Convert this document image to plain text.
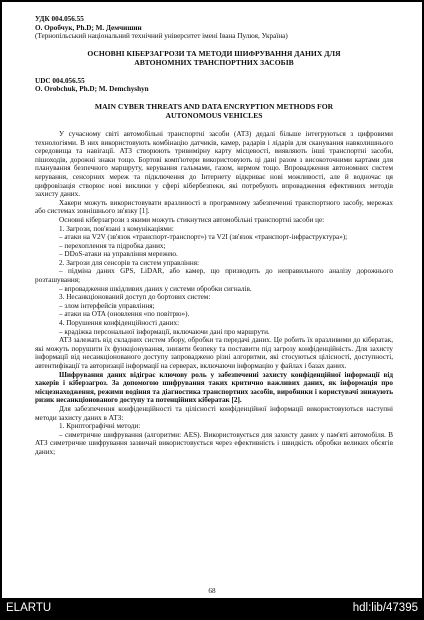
УДК 004.056.55

О. Оробчук, Ph.D; М. Демчишин

(Тернопільський національний технічний університет імені Івана Пулюя, Україна)

ОСНОВНІ КІБЕРЗАГРОЗИ ТА МЕТОДИ ШИФРУВАННЯ ДАНИХ ДЛЯ
АВТОНОМНИХ ТРАНСПОРТНИХ ЗАСОБІВ

UDC 004.056.55

O. Orobchuk, Ph.D; M. Demchyshyn

MAIN CYBER THREATS AND DATA ENCRYPTION METHODS FOR
AUTONOMOUS VEHICLES

У сучасному світі автомобільні транспортні засоби (АТЗ) дедалі більше інтегруються з цифровими технологіями. В них використовують комбінацію датчиків, камер, радарів і лідарів для сканування навколишнього середовища та навігації. АТЗ створюють тривимірну карту місцевості, виявляють інші транспортні засоби, пішоходів, дорожні знаки тощо. Бортові комп'ютери використовують ці дані разом з високоточними картами для планування безпечного маршруту, керування гальмами, газом, кермом тощо. Впровадження автономних систем керування, сенсорних мереж та підключення до Інтернету відкриває нові можливості, але й водночас ця цифровізація створює нові виклики у сфері кібербезпеки, які потребують впровадження ефективних методів захисту даних.

Хакери можуть використовувати вразливості в програмному забезпеченні транспортного засобу, мережах або системах зовнішнього зв'язку [1].

Основні кіберзагрози з якими можуть стикнутися автомобільні транспортні засоби це:

1. Загрози, пов'язані з комунікаціями:

– атаки на V2V (зв'язок «транспорт-транспорт») та V2I (зв'язок «транспорт-інфраструктура»);

– перехоплення та підробка даних;

– DDoS-атаки на управління мережею.

2. Загрози для сенсорів та систем управління:

– підміна даних GPS, LiDAR, або камер, що призводить до неправильного аналізу дорожнього розташування;

– впровадження шкідливих даних у системи обробки сигналів.

3. Несанкціонований доступ до бортових систем:

– злом інтерфейсів управління;

– атаки на OTA (оновлення «по повітрю»).

4. Порушення конфіденційності даних:

– крадіжка персональної інформації, включаючи дані про маршрути.

АТЗ залежать від складних систем збору, обробки та передачі даних. Це робить їх вразливими до кібератак, які можуть порушити їх функціонування, знизити безпеку та поставити під загрозу конфіденційність. Для захисту інформації від несанкціонованого доступу запроваджено різні алгоритми, які стосуються цілісності, доступності, автентифікації та авторизації інформації на серверах, включаючи інформацію у файлах і базах даних.

Шифрування даних відіграє ключову роль у забезпеченні захисту конфіденційної інформації від хакерів і кіберзагроз. За допомогою шифрування таких критично важливих даних, як інформація про місцезнаходження, режими водіння та діагностика транспортних засобів, виробники і користувачі знижують ризик несанкціонованого доступу та потенційних кібератак [2].

Для забезпечення конфіденційності та цілісності конфіденційної інформації використовуються наступні методи захисту даних в АТЗ:

1. Криптографічні методи:

– симетричне шифрування (алгоритми: AES). Використовується для захисту даних у пам'яті автомобіля. В АТЗ симетричне шифрування зазвичай використовується через ефективність і швидкість обробки великих обсягів даних;

68
ELARTU	hdl:lib/47395
